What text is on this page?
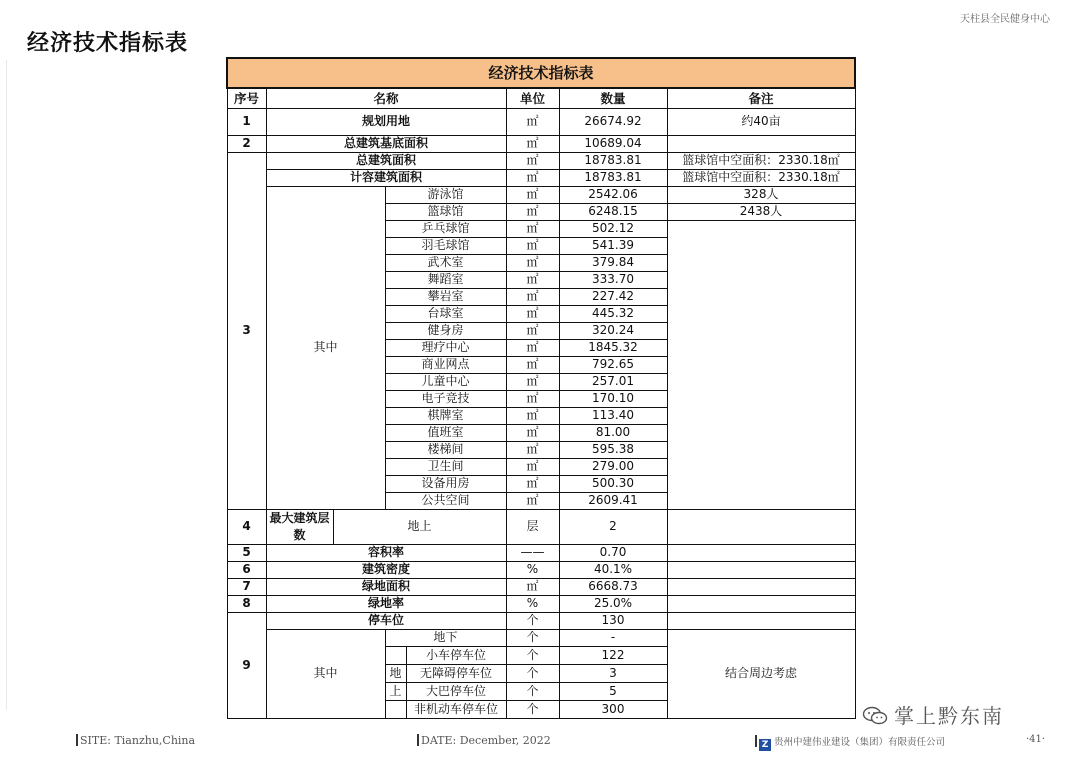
经济技术指标表
天柱县全民健身中心
经济技术指标表						
序号	名称			单位	数量	备注
1	规划用地			㎡	26674.92	约40亩
2	总建筑基底面积			㎡	10689.04	
3	总建筑面积			㎡	18783.81	篮球馆中空面积：2330.18㎡
	计容建筑面积			㎡	18783.81	篮球馆中空面积：2330.18㎡
	其中		游泳馆	㎡	2542.06	328人
			篮球馆	㎡	6248.15	2438人
			乒乓球馆	㎡	502.12	
			羽毛球馆	㎡	541.39	
			武术室	㎡	379.84	
			舞蹈室	㎡	333.70	
			攀岩室	㎡	227.42	
			台球室	㎡	445.32	
			健身房	㎡	320.24	
			理疗中心	㎡	1845.32	
			商业网点	㎡	792.65	
			儿童中心	㎡	257.01	
			电子竞技	㎡	170.10	
			棋牌室	㎡	113.40	
			值班室	㎡	81.00	
			楼梯间	㎡	595.38	
			卫生间	㎡	279.00	
			设备用房	㎡	500.30	
			公共空间	㎡	2609.41	
4	最大建筑层数	地上		层	2	
5	容积率			——	0.70	
6	建筑密度			%	40.1%	
7	绿地面积			㎡	6668.73	
8	绿地率			%	25.0%	
9	停车位			个	130	
	其中		地下	个	-	结合周边考虑

			小车停车位	个	122	

			地 无障碍停车位	个	3	

			上 大巴停车位	个	5	

			非机动车停车位	个	300	
SITE: Tianzhu,China	DATE: December, 2022	Z 贵州中建伟业建设（集团）有限责任公司	·41·
掌上黔东南
